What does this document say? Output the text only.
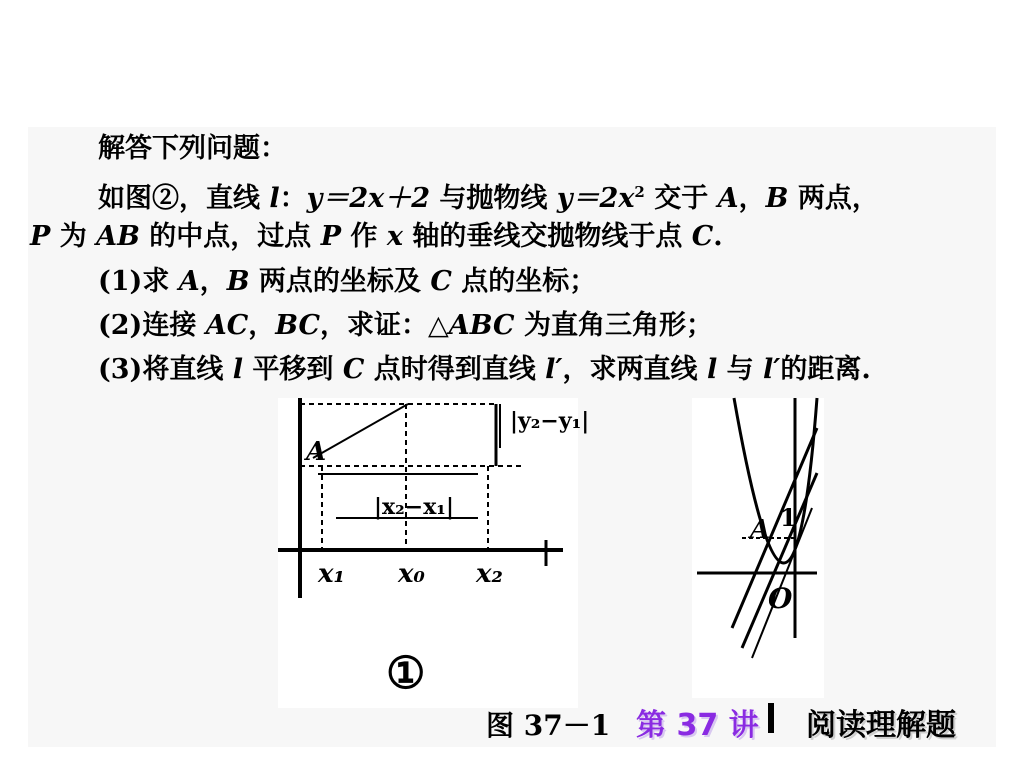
解答下列问题：
如图②，直线 l：y＝2x＋2 与抛物线 $y=2x^2$ 交于 A，B 两点，
P 为 AB 的中点，过点 P 作 x 轴的垂线交抛物线于点 C.
(1)求 A，B 两点的坐标及 C 点的坐标；
(2)连接 AC，BC，求证：△ABC 为直角三角形；
(3)将直线 l 平移到 C 点时得到直线 l′，求两直线 l 与 l′的距离.
A
|y₂−y₁|
|x₂−x₁|
x₁ x₀ x₂
①
A 1
O
图 37－1 第 37 讲 阅读理解题
